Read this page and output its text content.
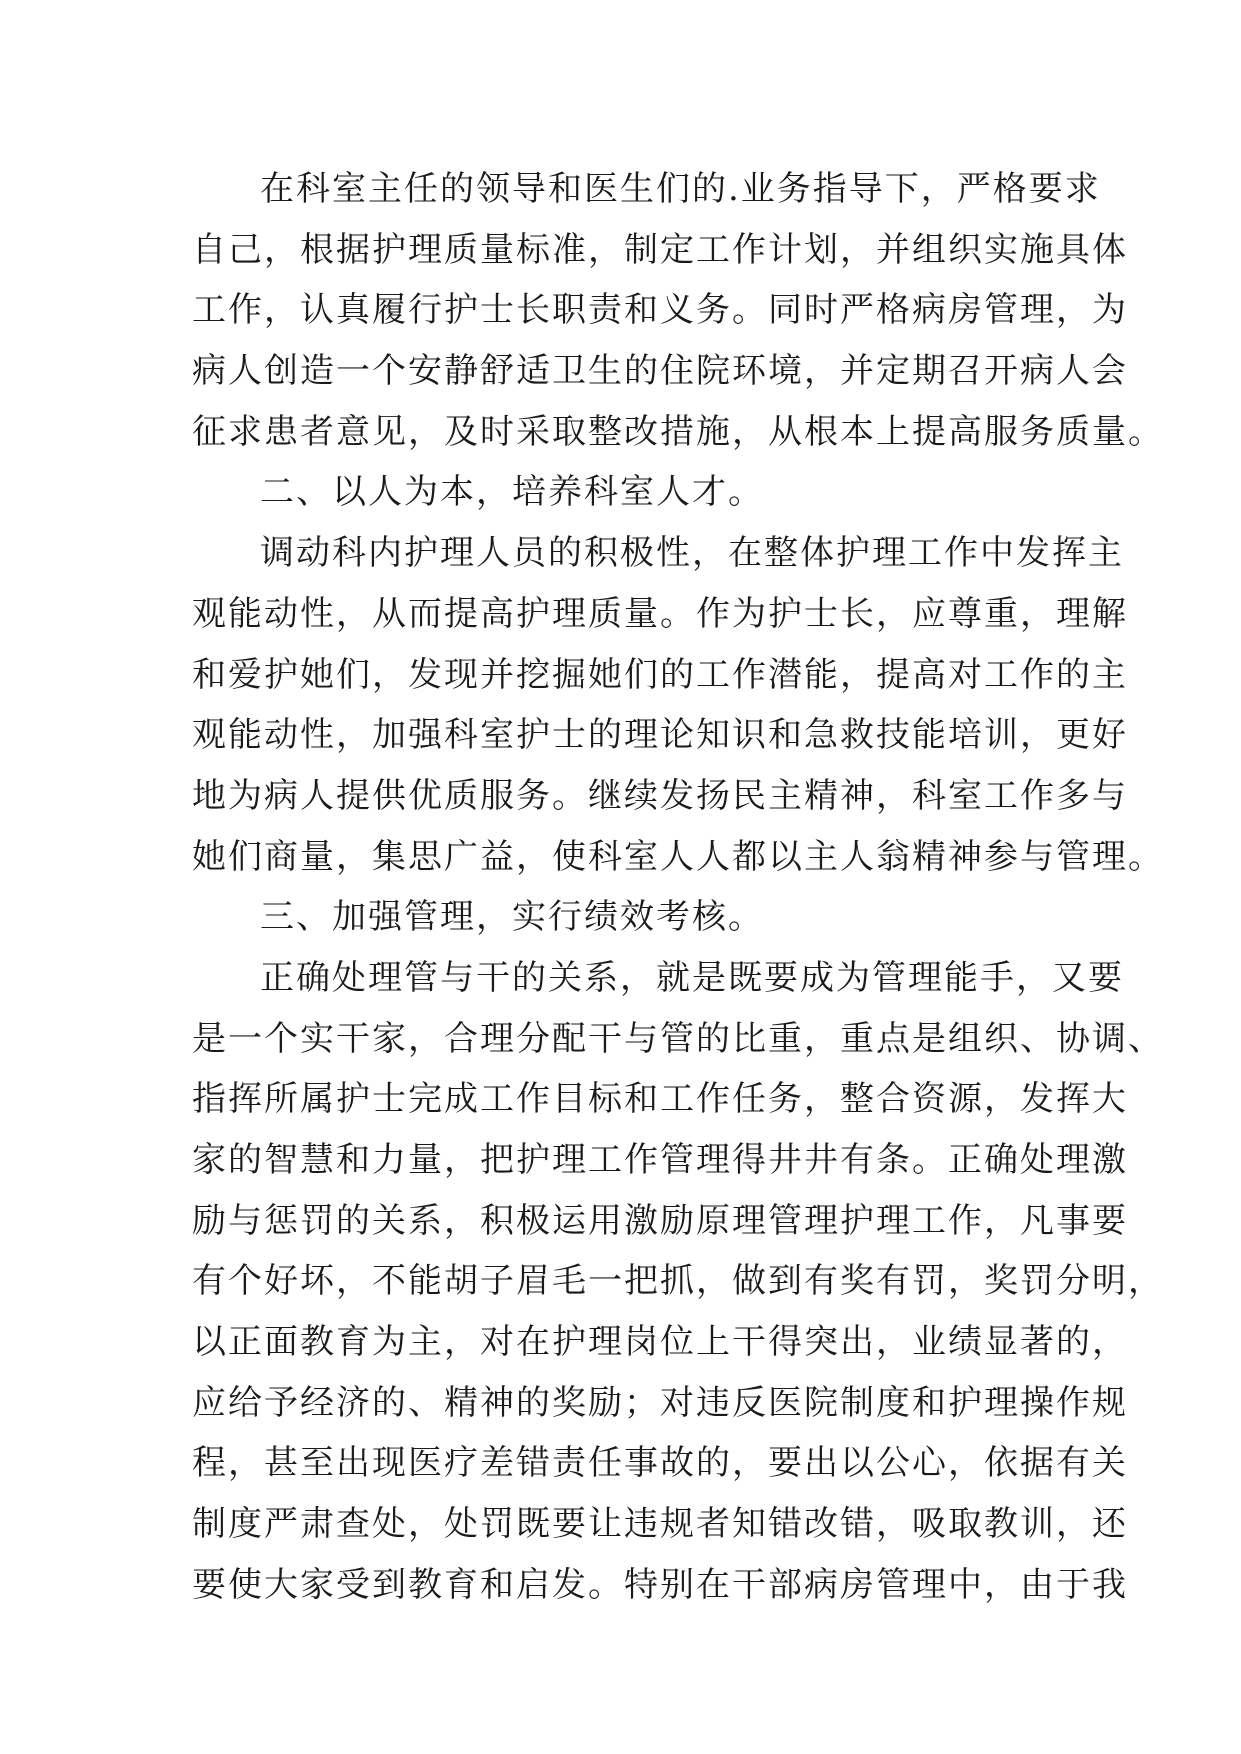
在科室主任的领导和医生们的.业务指导下，严格要求
自己，根据护理质量标准，制定工作计划，并组织实施具体
工作，认真履行护士长职责和义务。同时严格病房管理，为
病人创造一个安静舒适卫生的住院环境，并定期召开病人会
征求患者意见，及时采取整改措施，从根本上提高服务质量。
二、以人为本，培养科室人才。
调动科内护理人员的积极性，在整体护理工作中发挥主
观能动性，从而提高护理质量。作为护士长，应尊重，理解
和爱护她们，发现并挖掘她们的工作潜能，提高对工作的主
观能动性，加强科室护士的理论知识和急救技能培训，更好
地为病人提供优质服务。继续发扬民主精神，科室工作多与
她们商量，集思广益，使科室人人都以主人翁精神参与管理。
三、加强管理，实行绩效考核。
正确处理管与干的关系，就是既要成为管理能手，又要
是一个实干家，合理分配干与管的比重，重点是组织、协调、
指挥所属护士完成工作目标和工作任务，整合资源，发挥大
家的智慧和力量，把护理工作管理得井井有条。正确处理激
励与惩罚的关系，积极运用激励原理管理护理工作，凡事要
有个好坏，不能胡子眉毛一把抓，做到有奖有罚，奖罚分明，
以正面教育为主，对在护理岗位上干得突出，业绩显著的，
应给予经济的、精神的奖励；对违反医院制度和护理操作规
程，甚至出现医疗差错责任事故的，要出以公心，依据有关
制度严肃查处，处罚既要让违规者知错改错，吸取教训，还
要使大家受到教育和启发。特别在干部病房管理中，由于我
